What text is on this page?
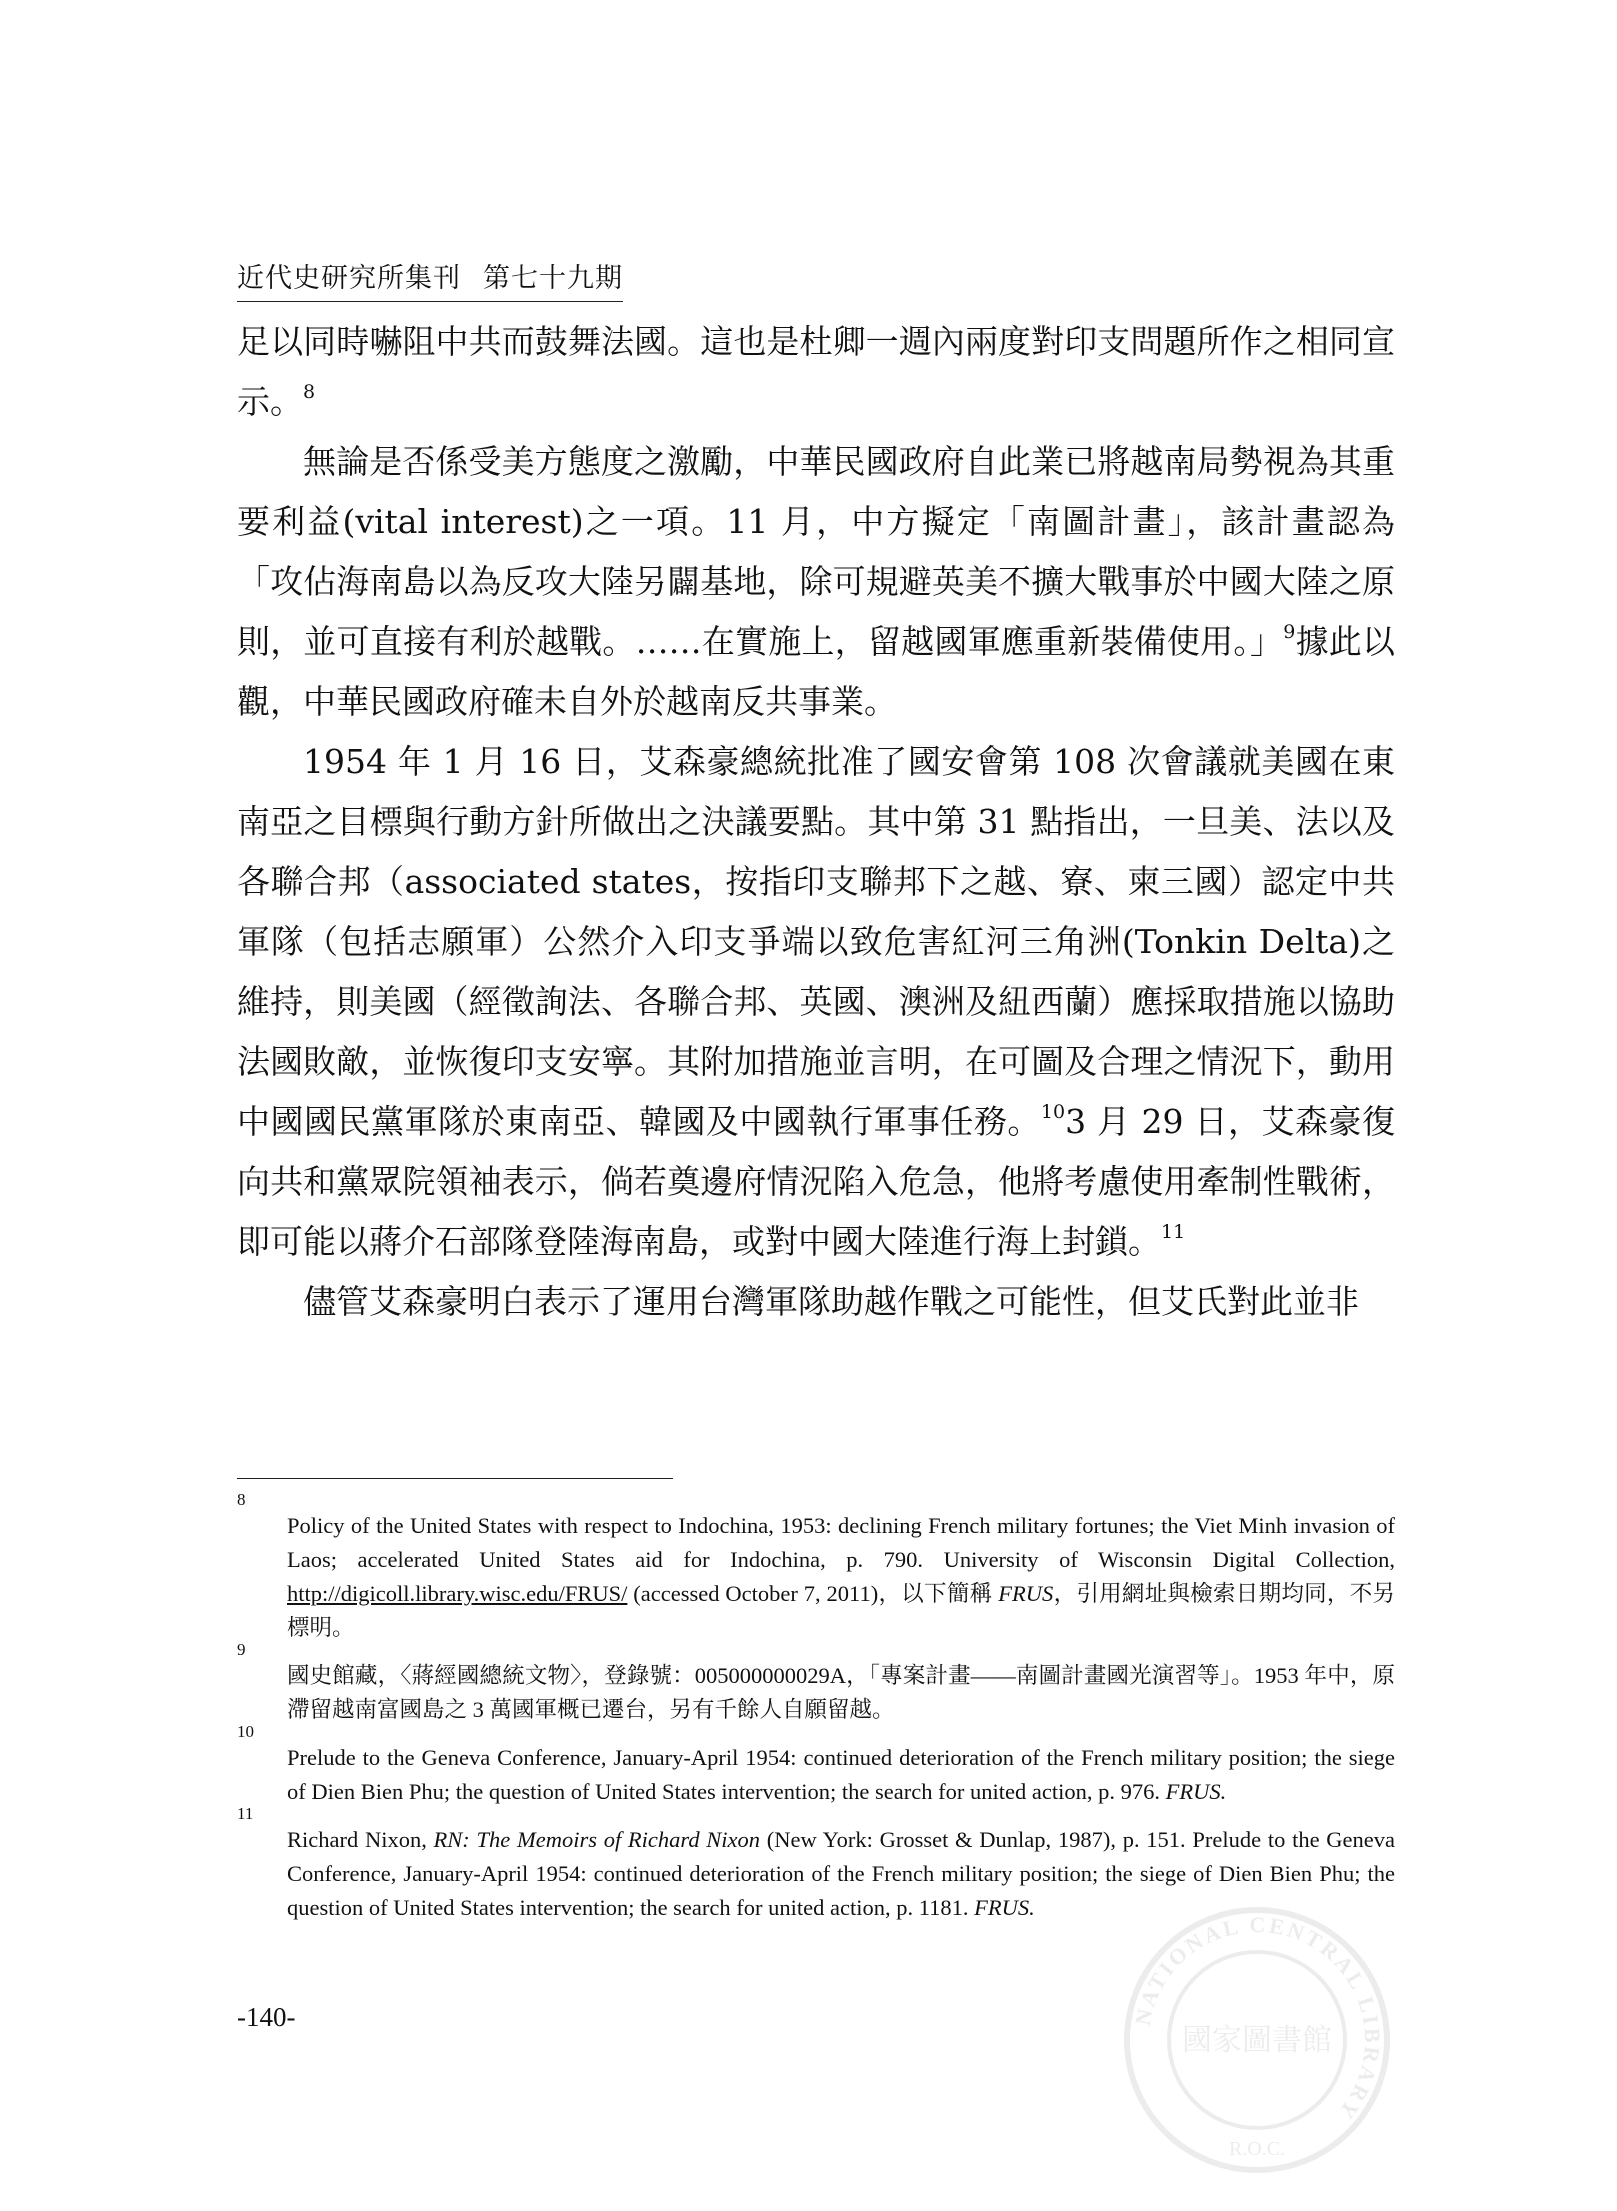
近代史研究所集刊 第七十九期

足以同時嚇阻中共而鼓舞法國。這也是杜卿一週內兩度對印支問題所作之相同宣示。$^8$

無論是否係受美方態度之激勵，中華民國政府自此業已將越南局勢視為其重要利益(vital interest)之一項。11 月，中方擬定「南圖計畫」，該計畫認為「攻佔海南島以為反攻大陸另闢基地，除可規避英美不擴大戰事於中國大陸之原則，並可直接有利於越戰。……在實施上，留越國軍應重新裝備使用。」$^9$據此以觀，中華民國政府確未自外於越南反共事業。

1954 年 1 月 16 日，艾森豪總統批准了國安會第 108 次會議就美國在東南亞之目標與行動方針所做出之決議要點。其中第 31 點指出，一旦美、法以及各聯合邦（associated states，按指印支聯邦下之越、寮、柬三國）認定中共軍隊（包括志願軍）公然介入印支爭端以致危害紅河三角洲(Tonkin Delta)之維持，則美國（經徵詢法、各聯合邦、英國、澳洲及紐西蘭）應採取措施以協助法國敗敵，並恢復印支安寧。其附加措施並言明，在可圖及合理之情況下，動用中國國民黨軍隊於東南亞、韓國及中國執行軍事任務。$^{10}$3 月 29 日，艾森豪復向共和黨眾院領袖表示，倘若奠邊府情況陷入危急，他將考慮使用牽制性戰術，即可能以蔣介石部隊登陸海南島，或對中國大陸進行海上封鎖。$^{11}$

儘管艾森豪明白表示了運用台灣軍隊助越作戰之可能性，但艾氏對此並非

8
Policy of the United States with respect to Indochina, 1953: declining French military fortunes; the Viet Minh invasion of Laos; accelerated United States aid for Indochina, p. 790. University of Wisconsin Digital Collection, http://digicoll.library.wisc.edu/FRUS/ (accessed October 7, 2011)，以下簡稱 FRUS，引用網址與檢索日期均同，不另標明。
9
國史館藏，〈蔣經國總統文物〉，登錄號：005000000029A，「專案計畫——南圖計畫國光演習等」。1953 年中，原滯留越南富國島之 3 萬國軍概已遷台，另有千餘人自願留越。
10
Prelude to the Geneva Conference, January-April 1954: continued deterioration of the French military position; the siege of Dien Bien Phu; the question of United States intervention; the search for united action, p. 976. FRUS.
11
Richard Nixon, RN: The Memoirs of Richard Nixon (New York: Grosset & Dunlap, 1987), p. 151. Prelude to the Geneva Conference, January-April 1954: continued deterioration of the French military position; the siege of Dien Bien Phu; the question of United States intervention; the search for united action, p. 1181. FRUS.
-140-	NATIONAL CENTRAL LIBRARY
國家圖書館
R.O.C.
